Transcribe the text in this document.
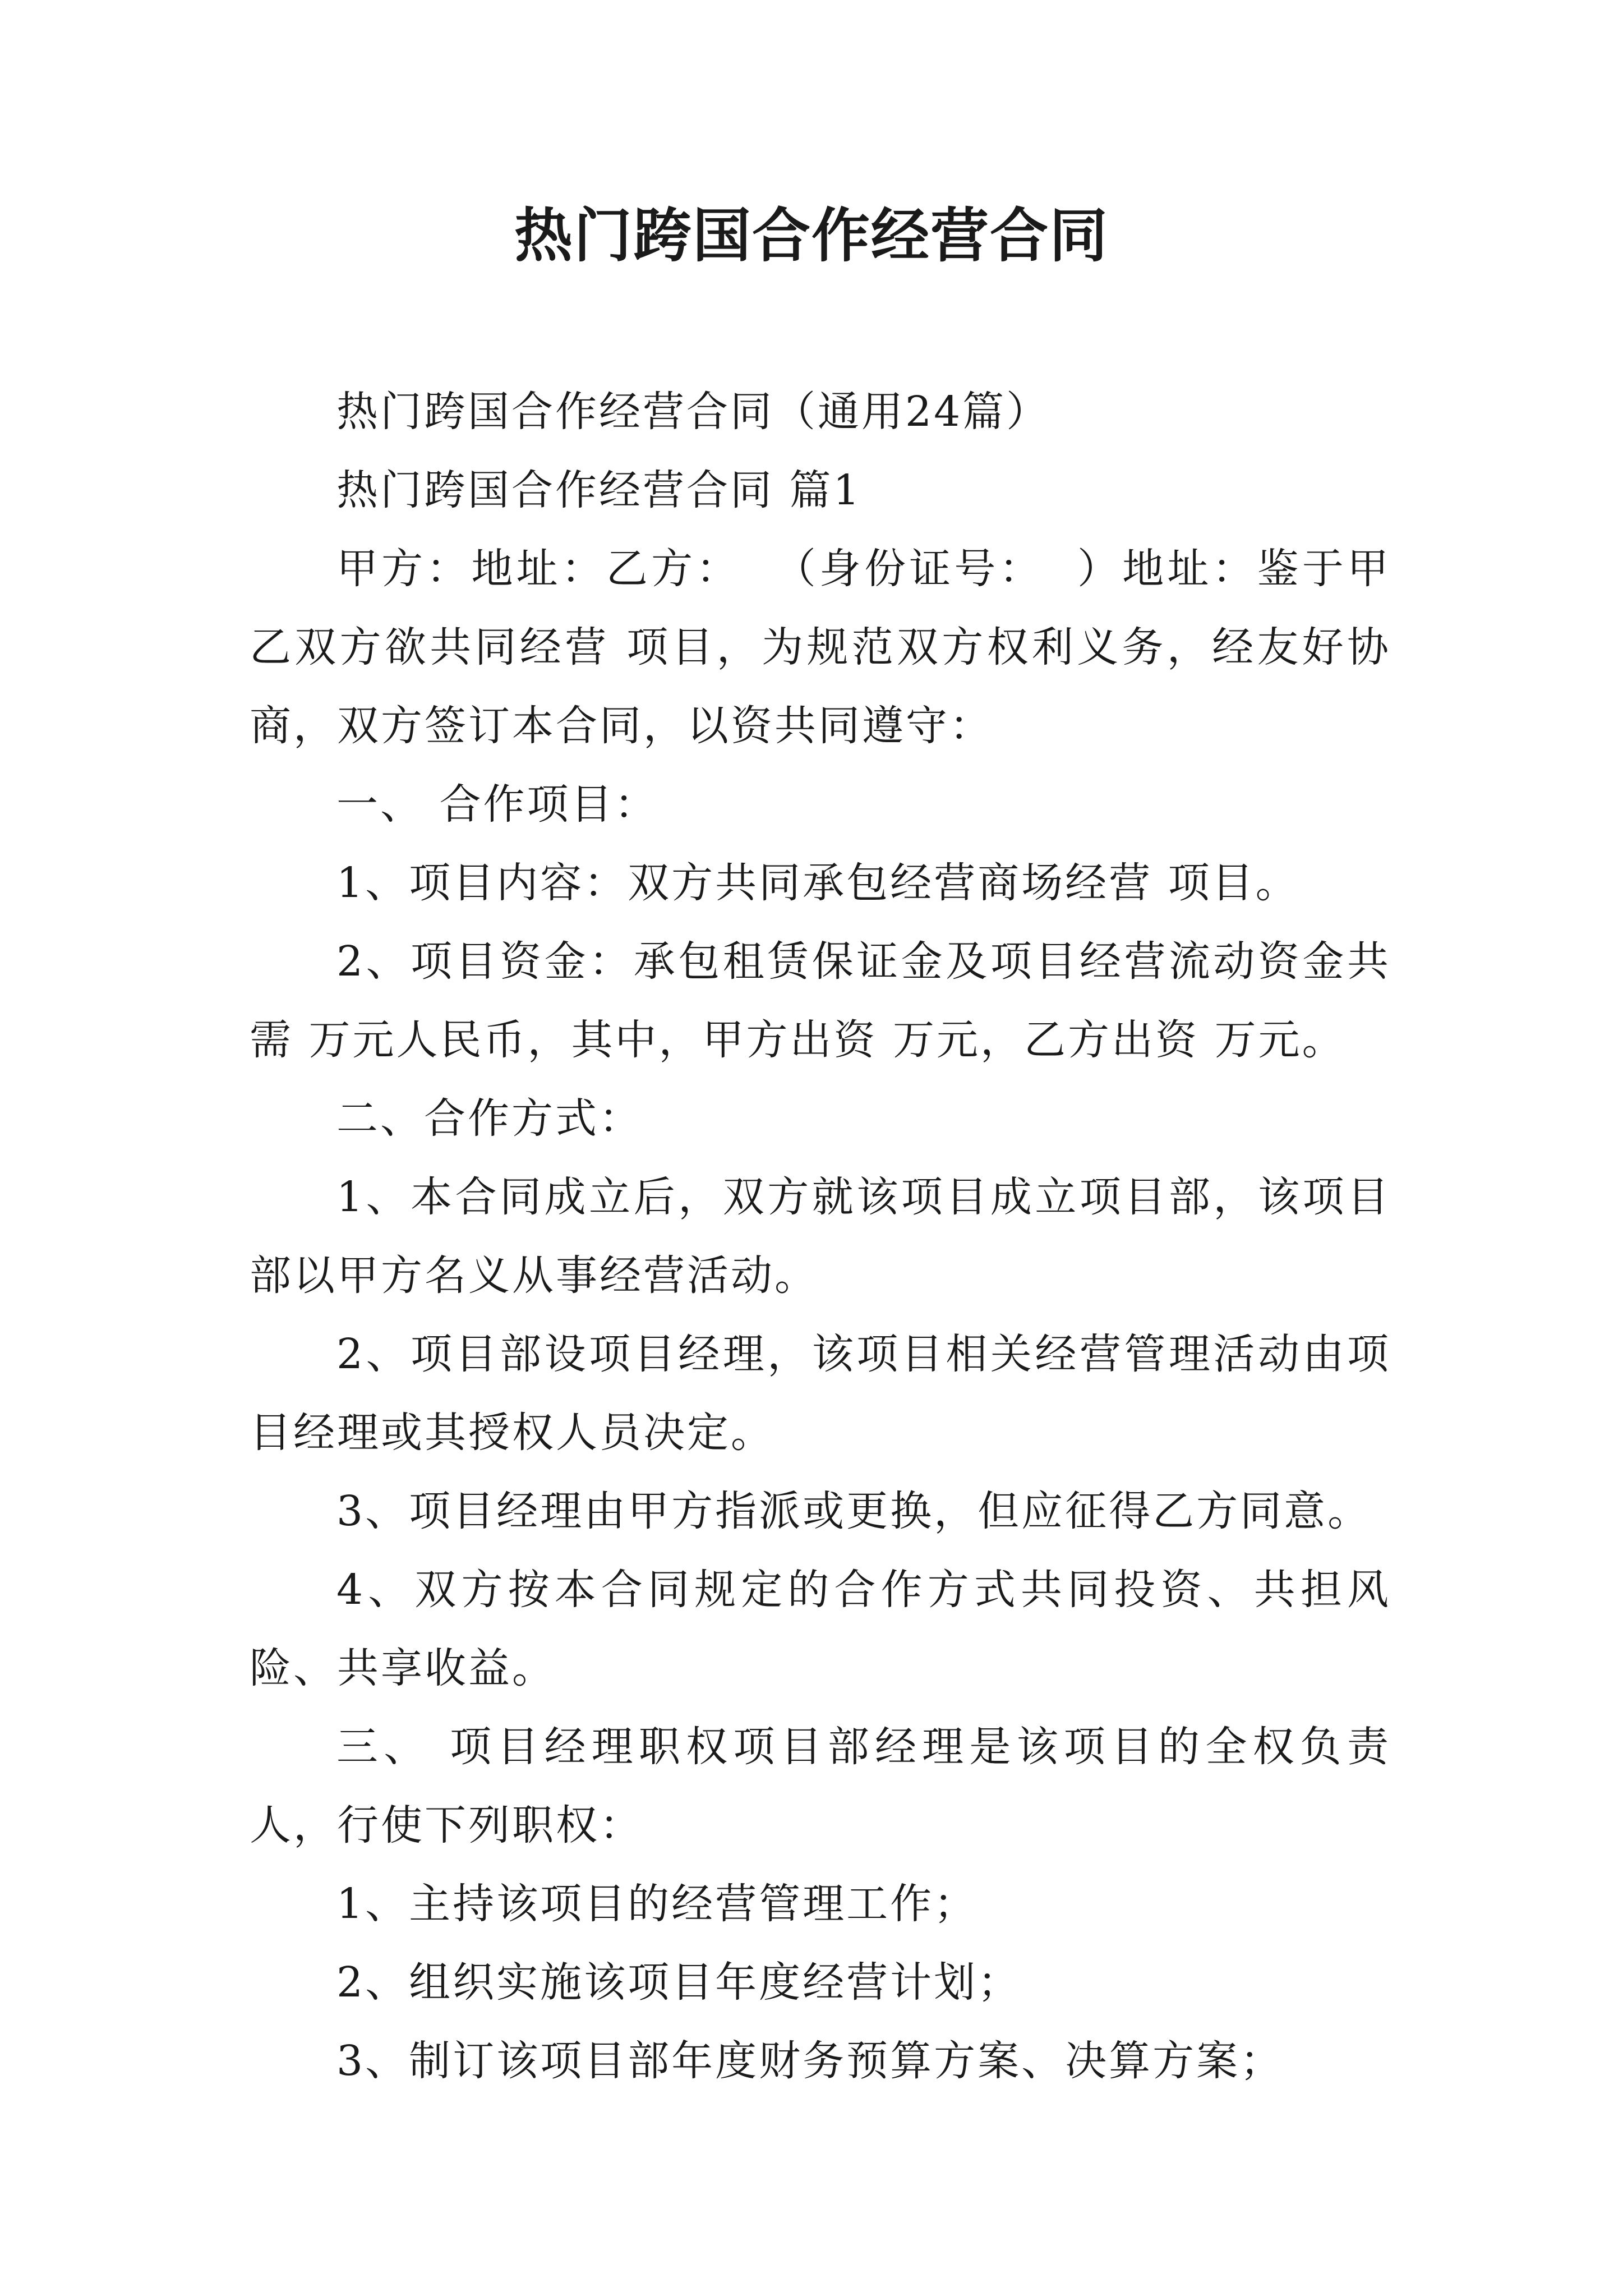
热门跨国合作经营合同

热门跨国合作经营合同（通用24篇）

热门跨国合作经营合同 篇1

甲方：地址：乙方：  （身份证号：  ）地址：鉴于甲乙双方欲共同经营 项目，为规范双方权利义务，经友好协商，双方签订本合同，以资共同遵守：

一、 合作项目：

1、项目内容：双方共同承包经营商场经营 项目。

2、项目资金：承包租赁保证金及项目经营流动资金共需 万元人民币，其中，甲方出资 万元，乙方出资 万元。

二、合作方式：

1、本合同成立后，双方就该项目成立项目部，该项目部以甲方名义从事经营活动。

2、项目部设项目经理，该项目相关经营管理活动由项目经理或其授权人员决定。

3、项目经理由甲方指派或更换，但应征得乙方同意。

4、双方按本合同规定的合作方式共同投资、共担风险、共享收益。

三、 项目经理职权项目部经理是该项目的全权负责人，行使下列职权：

1、主持该项目的经营管理工作；

2、组织实施该项目年度经营计划；

3、制订该项目部年度财务预算方案、决算方案；
